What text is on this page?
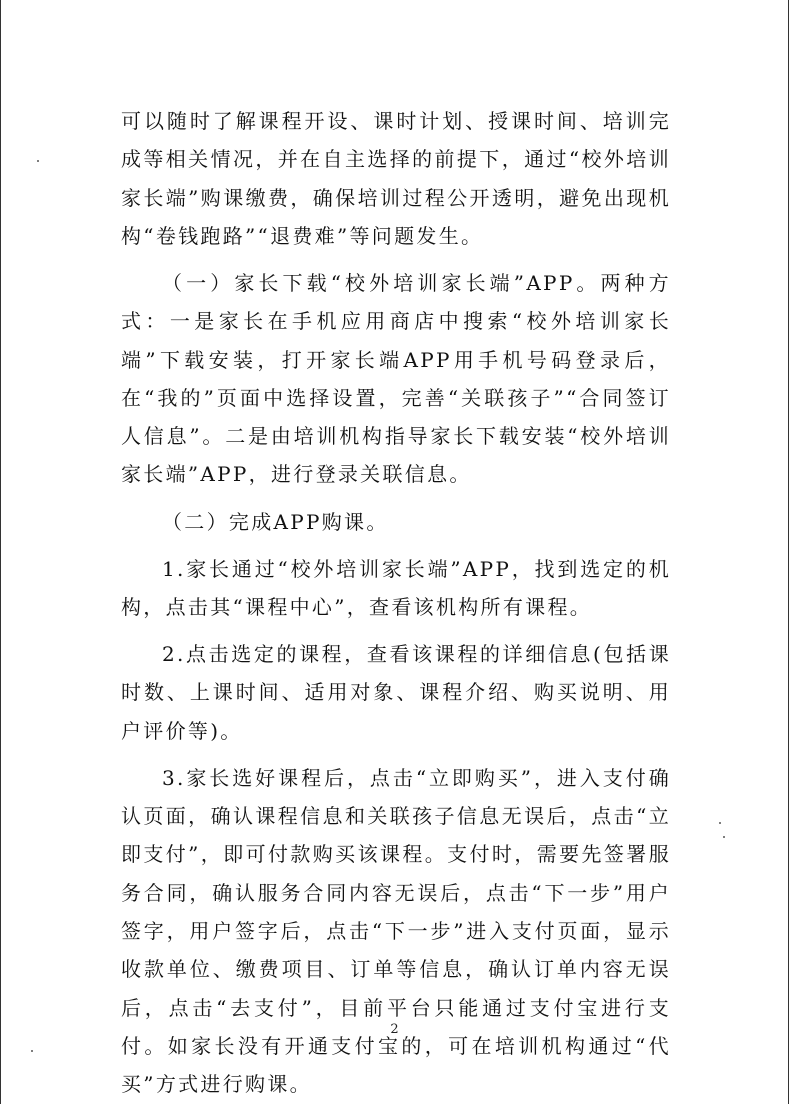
可以随时了解课程开设、课时计划、授课时间、培训完成等相关情况，并在自主选择的前提下，通过“校外培训家长端”购课缴费，确保培训过程公开透明，避免出现机构“卷钱跑路”“退费难”等问题发生。

（一）家长下载“校外培训家长端”APP。两种方式：一是家长在手机应用商店中搜索“校外培训家长端”下载安装，打开家长端APP用手机号码登录后，在“我的”页面中选择设置，完善“关联孩子”“合同签订人信息”。二是由培训机构指导家长下载安装“校外培训家长端”APP，进行登录关联信息。

（二）完成APP购课。

1.家长通过“校外培训家长端”APP，找到选定的机构，点击其“课程中心”，查看该机构所有课程。

2.点击选定的课程，查看该课程的详细信息(包括课时数、上课时间、适用对象、课程介绍、购买说明、用户评价等)。

3.家长选好课程后，点击“立即购买”，进入支付确认页面，确认课程信息和关联孩子信息无误后，点击“立即支付”，即可付款购买该课程。支付时，需要先签署服务合同，确认服务合同内容无误后，点击“下一步”用户签字，用户签字后，点击“下一步”进入支付页面，显示收款单位、缴费项目、订单等信息，确认订单内容无误后，点击“去支付”，目前平台只能通过支付宝进行支付。如家长没有开通支付宝的，可在培训机构通过“代买”方式进行购课。

2
